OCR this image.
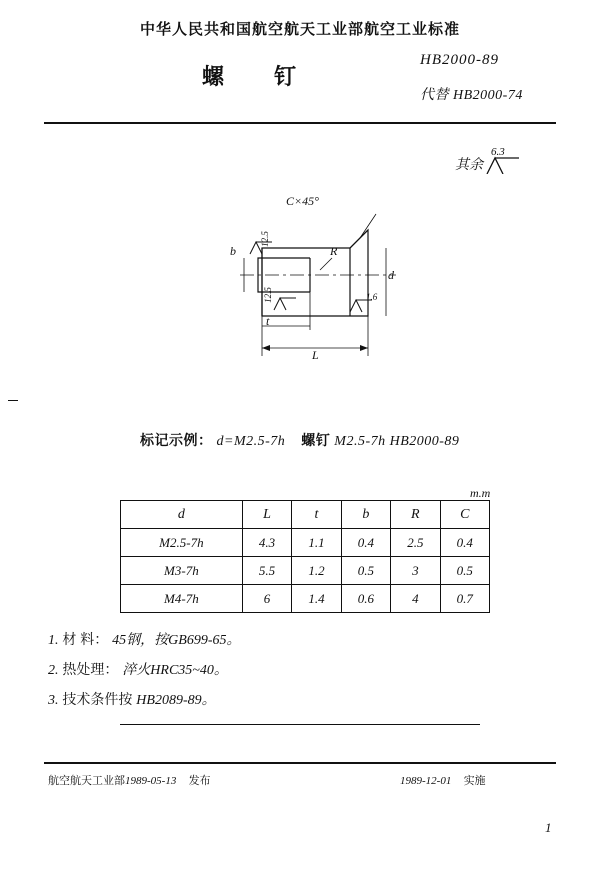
中华人民共和国航空航天工业部航空工业标准
螺 钉
HB2000-89
代替 HB2000-74
其余
6.3
C×45°
b
12.5
12.5	1.6
t
L
d
R
标记示例： d=M2.5-7h 螺钉 M2.5-7h HB2000-89
m.m
d	L	t	b	R	C
M2.5-7h	4.3	1.1	0.4	2.5	0.4
M3-7h	5.5	1.2	0.5	3	0.5
M4-7h	6	1.4	0.6	4	0.7
1. 材 料： 45钢，按GB699-65。
2. 热处理： 淬火HRC35~40。
3. 技术条件按 HB2089-89。
航空航天工业部1989-05-13 发布	1989-12-01 实施
1
